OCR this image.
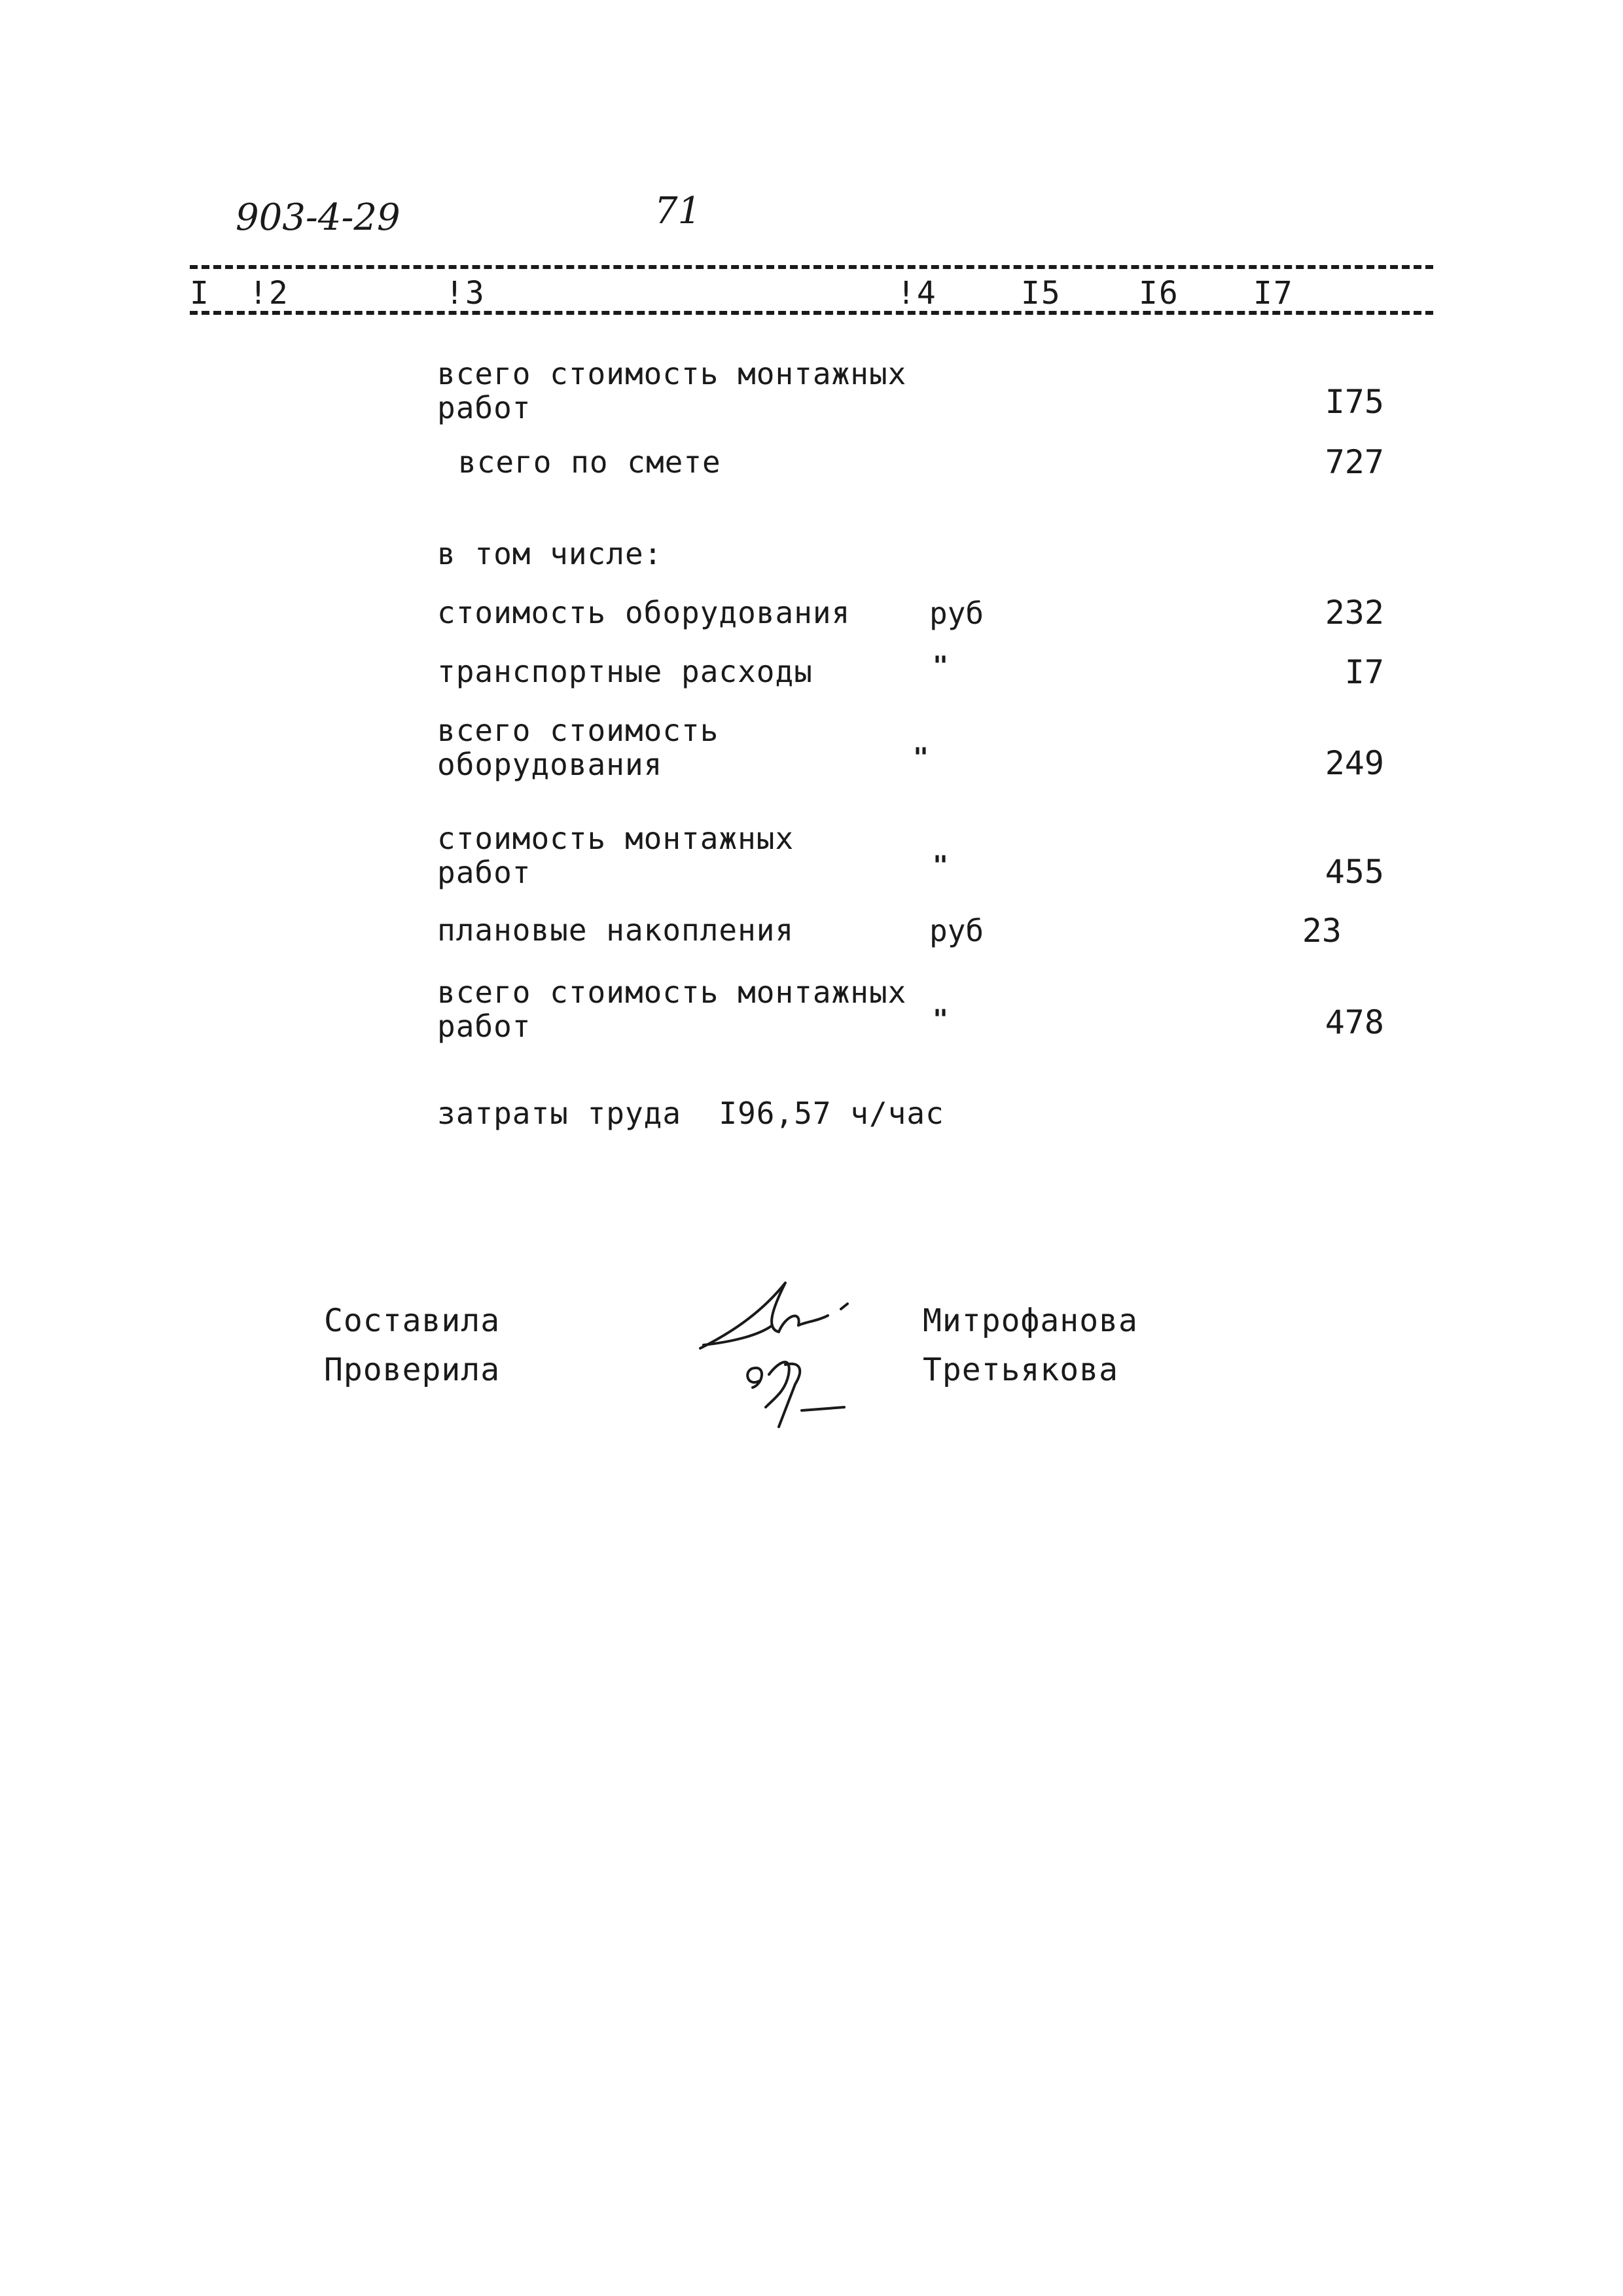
903-4-29	71
I !2	!3	!4	I5 I6 I7
всего стоимость монтажных
работ	I75
всего по смете	727
в том числе:
стоимость оборудования	руб	232
транспортные расходы	"	I7
всего стоимость
оборудования	"	249
стоимость монтажных
работ	"	455
плановые накопления	руб	23
всего стоимость монтажных
работ	"	478
затраты труда I96,57 ч/час
Составила
Проверила
Митрофанова
Третьякова
